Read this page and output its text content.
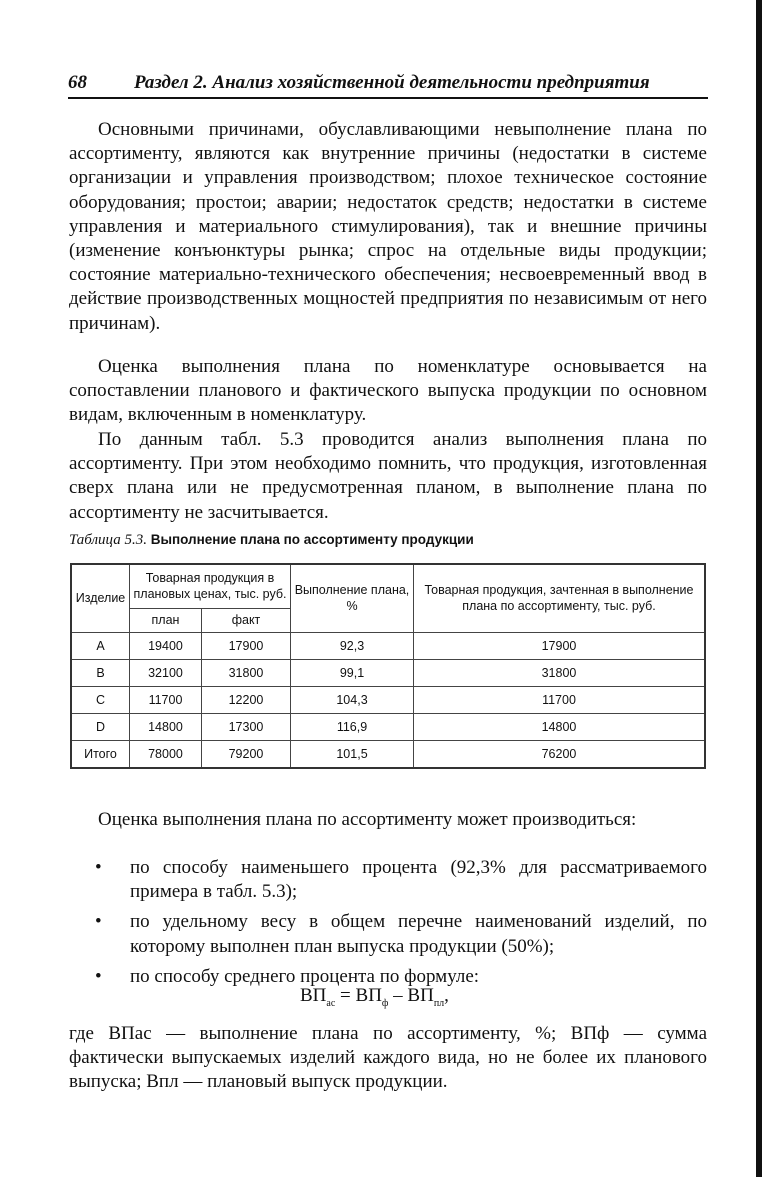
68 Раздел 2. Анализ хозяйственной деятельности предприятия

Основными причинами, обуславливающими невыполнение плана по ассортименту, являются как внутренние причины (недостатки в системе организации и управления производством; плохое техническое состояние оборудования; простои; аварии; недостаток средств; недостатки в системе управления и материального стимулирования), так и внешние причины (изменение конъюнктуры рынка; спрос на отдельные виды продукции; состояние материально-технического обеспечения; несвоевременный ввод в действие производственных мощностей предприятия по независимым от него причинам).

Оценка выполнения плана по номенклатуре основывается на сопоставлении планового и фактического выпуска продукции по основном видам, включенным в номенклатуру.

По данным табл. 5.3 проводится анализ выполнения плана по ассортименту. При этом необходимо помнить, что продукция, изготовленная сверх плана или не предусмотренная планом, в выполнение плана по ассортименту не засчитывается.

Таблица 5.3. Выполнение плана по ассортименту продукции
Изделие	Товарная продукция в плановых ценах, тыс. руб.		Выполнение плана, %	Товарная продукция, зачтенная в выполнение плана по ассортименту, тыс. руб.
	план	факт		
А	19400	17900	92,3	17900
В	32100	31800	99,1	31800
С	11700	12200	104,3	11700
D	14800	17300	116,9	14800
Итого	78000	79200	101,5	76200

Оценка выполнения плана по ассортименту может производиться:

• по способу наименьшего процента (92,3% для рассматриваемого примера в табл. 5.3);
• по удельному весу в общем перечне наименований изделий, по которому выполнен план выпуска продукции (50%);
• по способу среднего процента по формуле:
$ВП_{ас} = ВП_ф - ВП_{пл}$,

где ВПас — выполнение плана по ассортименту, %; ВПф — сумма фактически выпускаемых изделий каждого вида, но не более их планового выпуска; Впл — плановый выпуск продукции.
